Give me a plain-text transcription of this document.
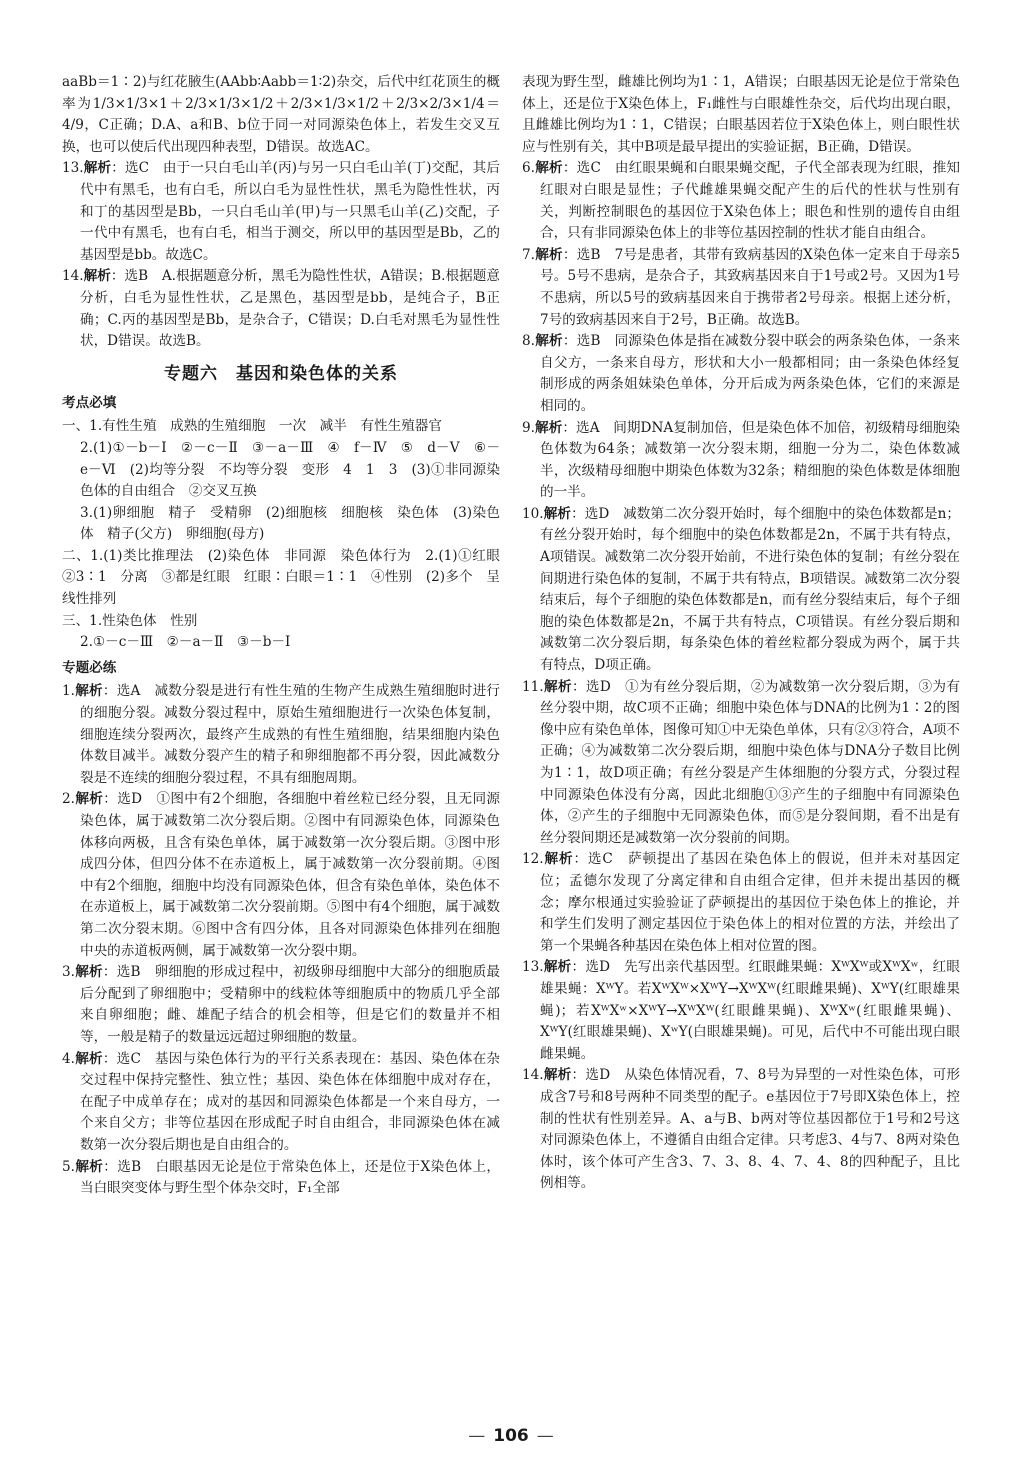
aaBb＝1∶2)与红花腋生(AAbb∶Aabb＝1∶2)杂交，后代中红花顶生的概率为1/3×1/3×1＋2/3×1/3×1/2＋2/3×1/3×1/2＋2/3×2/3×1/4＝4/9，C正确；D.A、a和B、b位于同一对同源染色体上，若发生交叉互换，也可以使后代出现四种表型，D错误。故选AC。

13.解析：选C　由于一只白毛山羊(丙)与另一只白毛山羊(丁)交配，其后代中有黑毛，也有白毛，所以白毛为显性性状，黑毛为隐性性状，丙和丁的基因型是Bb，一只白毛山羊(甲)与一只黑毛山羊(乙)交配，子一代中有黑毛，也有白毛，相当于测交，所以甲的基因型是Bb，乙的基因型是bb。故选C。

14.解析：选B　A.根据题意分析，黑毛为隐性性状，A错误；B.根据题意分析，白毛为显性性状，乙是黑色，基因型是bb，是纯合子，B正确；C.丙的基因型是Bb，是杂合子，C错误；D.白毛对黑毛为显性性状，D错误。故选B。

专题六　基因和染色体的关系
考点必填

一、1.有性生殖　成熟的生殖细胞　一次　减半　有性生殖器官

2.(1)①－b－Ⅰ　②－c－Ⅱ　③－a－Ⅲ　④　f－Ⅳ　⑤　d－Ⅴ　⑥－e－Ⅵ　(2)均等分裂　不均等分裂　变形　4　1　3　(3)①非同源染色体的自由组合　②交叉互换

3.(1)卵细胞　精子　受精卵　(2)细胞核　细胞核　染色体　(3)染色体　精子(父方)　卵细胞(母方)

二、1.(1)类比推理法　(2)染色体　非同源　染色体行为　2.(1)①红眼　②3∶1　分离　③都是红眼　红眼∶白眼＝1∶1　④性别　(2)多个　呈线性排列

三、1.性染色体　性别

2.①－c－Ⅲ　②－a－Ⅱ　③－b－Ⅰ

专题必练

1.解析：选A　减数分裂是进行有性生殖的生物产生成熟生殖细胞时进行的细胞分裂。减数分裂过程中，原始生殖细胞进行一次染色体复制，细胞连续分裂两次，最终产生成熟的有性生殖细胞，结果细胞内染色体数目减半。减数分裂产生的精子和卵细胞都不再分裂，因此减数分裂是不连续的细胞分裂过程，不具有细胞周期。

2.解析：选D　①图中有2个细胞，各细胞中着丝粒已经分裂，且无同源染色体，属于减数第二次分裂后期。②图中有同源染色体，同源染色体移向两极，且含有染色单体，属于减数第一次分裂后期。③图中形成四分体，但四分体不在赤道板上，属于减数第一次分裂前期。④图中有2个细胞，细胞中均没有同源染色体，但含有染色单体，染色体不在赤道板上，属于减数第二次分裂前期。⑤图中有4个细胞，属于减数第二次分裂末期。⑥图中含有四分体，且各对同源染色体排列在细胞中央的赤道板两侧，属于减数第一次分裂中期。

3.解析：选B　卵细胞的形成过程中，初级卵母细胞中大部分的细胞质最后分配到了卵细胞中；受精卵中的线粒体等细胞质中的物质几乎全部来自卵细胞；雌、雄配子结合的机会相等，但是它们的数量并不相等，一般是精子的数量远远超过卵细胞的数量。

4.解析：选C　基因与染色体行为的平行关系表现在：基因、染色体在杂交过程中保持完整性、独立性；基因、染色体在体细胞中成对存在，在配子中成单存在；成对的基因和同源染色体都是一个来自母方，一个来自父方；非等位基因在形成配子时自由组合，非同源染色体在减数第一次分裂后期也是自由组合的。

5.解析：选B　白眼基因无论是位于常染色体上，还是位于X染色体上，当白眼突变体与野生型个体杂交时，F₁全部

表现为野生型，雌雄比例均为1∶1，A错误；白眼基因无论是位于常染色体上，还是位于X染色体上，F₁雌性与白眼雄性杂交，后代均出现白眼，且雌雄比例均为1∶1，C错误；白眼基因若位于X染色体上，则白眼性状应与性别有关，其中B项是最早提出的实验证据，B正确，D错误。

6.解析：选C　由红眼果蝇和白眼果蝇交配，子代全部表现为红眼，推知红眼对白眼是显性；子代雌雄果蝇交配产生的后代的性状与性别有关，判断控制眼色的基因位于X染色体上；眼色和性别的遗传自由组合，只有非同源染色体上的非等位基因控制的性状才能自由组合。

7.解析：选B　7号是患者，其带有致病基因的X染色体一定来自于母亲5号。5号不患病，是杂合子，其致病基因来自于1号或2号。又因为1号不患病，所以5号的致病基因来自于携带者2号母亲。根据上述分析，7号的致病基因来自于2号，B正确。故选B。

8.解析：选B　同源染色体是指在减数分裂中联会的两条染色体，一条来自父方，一条来自母方，形状和大小一般都相同；由一条染色体经复制形成的两条姐妹染色单体，分开后成为两条染色体，它们的来源是相同的。

9.解析：选A　间期DNA复制加倍，但是染色体不加倍，初级精母细胞染色体数为64条；减数第一次分裂末期，细胞一分为二，染色体数减半，次级精母细胞中期染色体数为32条；精细胞的染色体数是体细胞的一半。

10.解析：选D　减数第二次分裂开始时，每个细胞中的染色体数都是n；有丝分裂开始时，每个细胞中的染色体数都是2n，不属于共有特点，A项错误。减数第二次分裂开始前，不进行染色体的复制；有丝分裂在间期进行染色体的复制，不属于共有特点，B项错误。减数第二次分裂结束后，每个子细胞的染色体数都是n，而有丝分裂结束后，每个子细胞的染色体数都是2n，不属于共有特点，C项错误。有丝分裂后期和减数第二次分裂后期，每条染色体的着丝粒都分裂成为两个，属于共有特点，D项正确。

11.解析：选D　①为有丝分裂后期，②为减数第一次分裂后期，③为有丝分裂中期，故C项不正确；细胞中染色体与DNA的比例为1∶2的图像中应有染色单体，图像可知①中无染色单体，只有②③符合，A项不正确；④为减数第二次分裂后期，细胞中染色体与DNA分子数目比例为1∶1，故D项正确；有丝分裂是产生体细胞的分裂方式，分裂过程中同源染色体没有分离，因此北细胞①③产生的子细胞中有同源染色体，②产生的子细胞中无同源染色体，而⑤是分裂间期，看不出是有丝分裂间期还是减数第一次分裂前的间期。

12.解析：选C　萨顿提出了基因在染色体上的假说，但并未对基因定位；孟德尔发现了分离定律和自由组合定律，但并未提出基因的概念；摩尔根通过实验验证了萨顿提出的基因位于染色体上的推论，并和学生们发明了测定基因位于染色体上的相对位置的方法，并绘出了第一个果蝇各种基因在染色体上相对位置的图。

13.解析：选D　先写出亲代基因型。红眼雌果蝇：XᵂXᵂ或XᵂXʷ，红眼雄果蝇：XᵂY。若XᵂXᵂ×XᵂY→XᵂXᵂ(红眼雌果蝇)、XᵂY(红眼雄果蝇)；若XᵂXʷ×XᵂY→XᵂXᵂ(红眼雌果蝇)、XᵂXʷ(红眼雌果蝇)、XᵂY(红眼雄果蝇)、XʷY(白眼雄果蝇)。可见，后代中不可能出现白眼雌果蝇。

14.解析：选D　从染色体情况看，7、8号为异型的一对性染色体，可形成含7号和8号两种不同类型的配子。e基因位于7号即X染色体上，控制的性状有性别差异。A、a与B、b两对等位基因都位于1号和2号这对同源染色体上，不遵循自由组合定律。只考虑3、4与7、8两对染色体时，该个体可产生含3、7、3、8、4、7、4、8的四种配子，且比例相等。

— 106 —
